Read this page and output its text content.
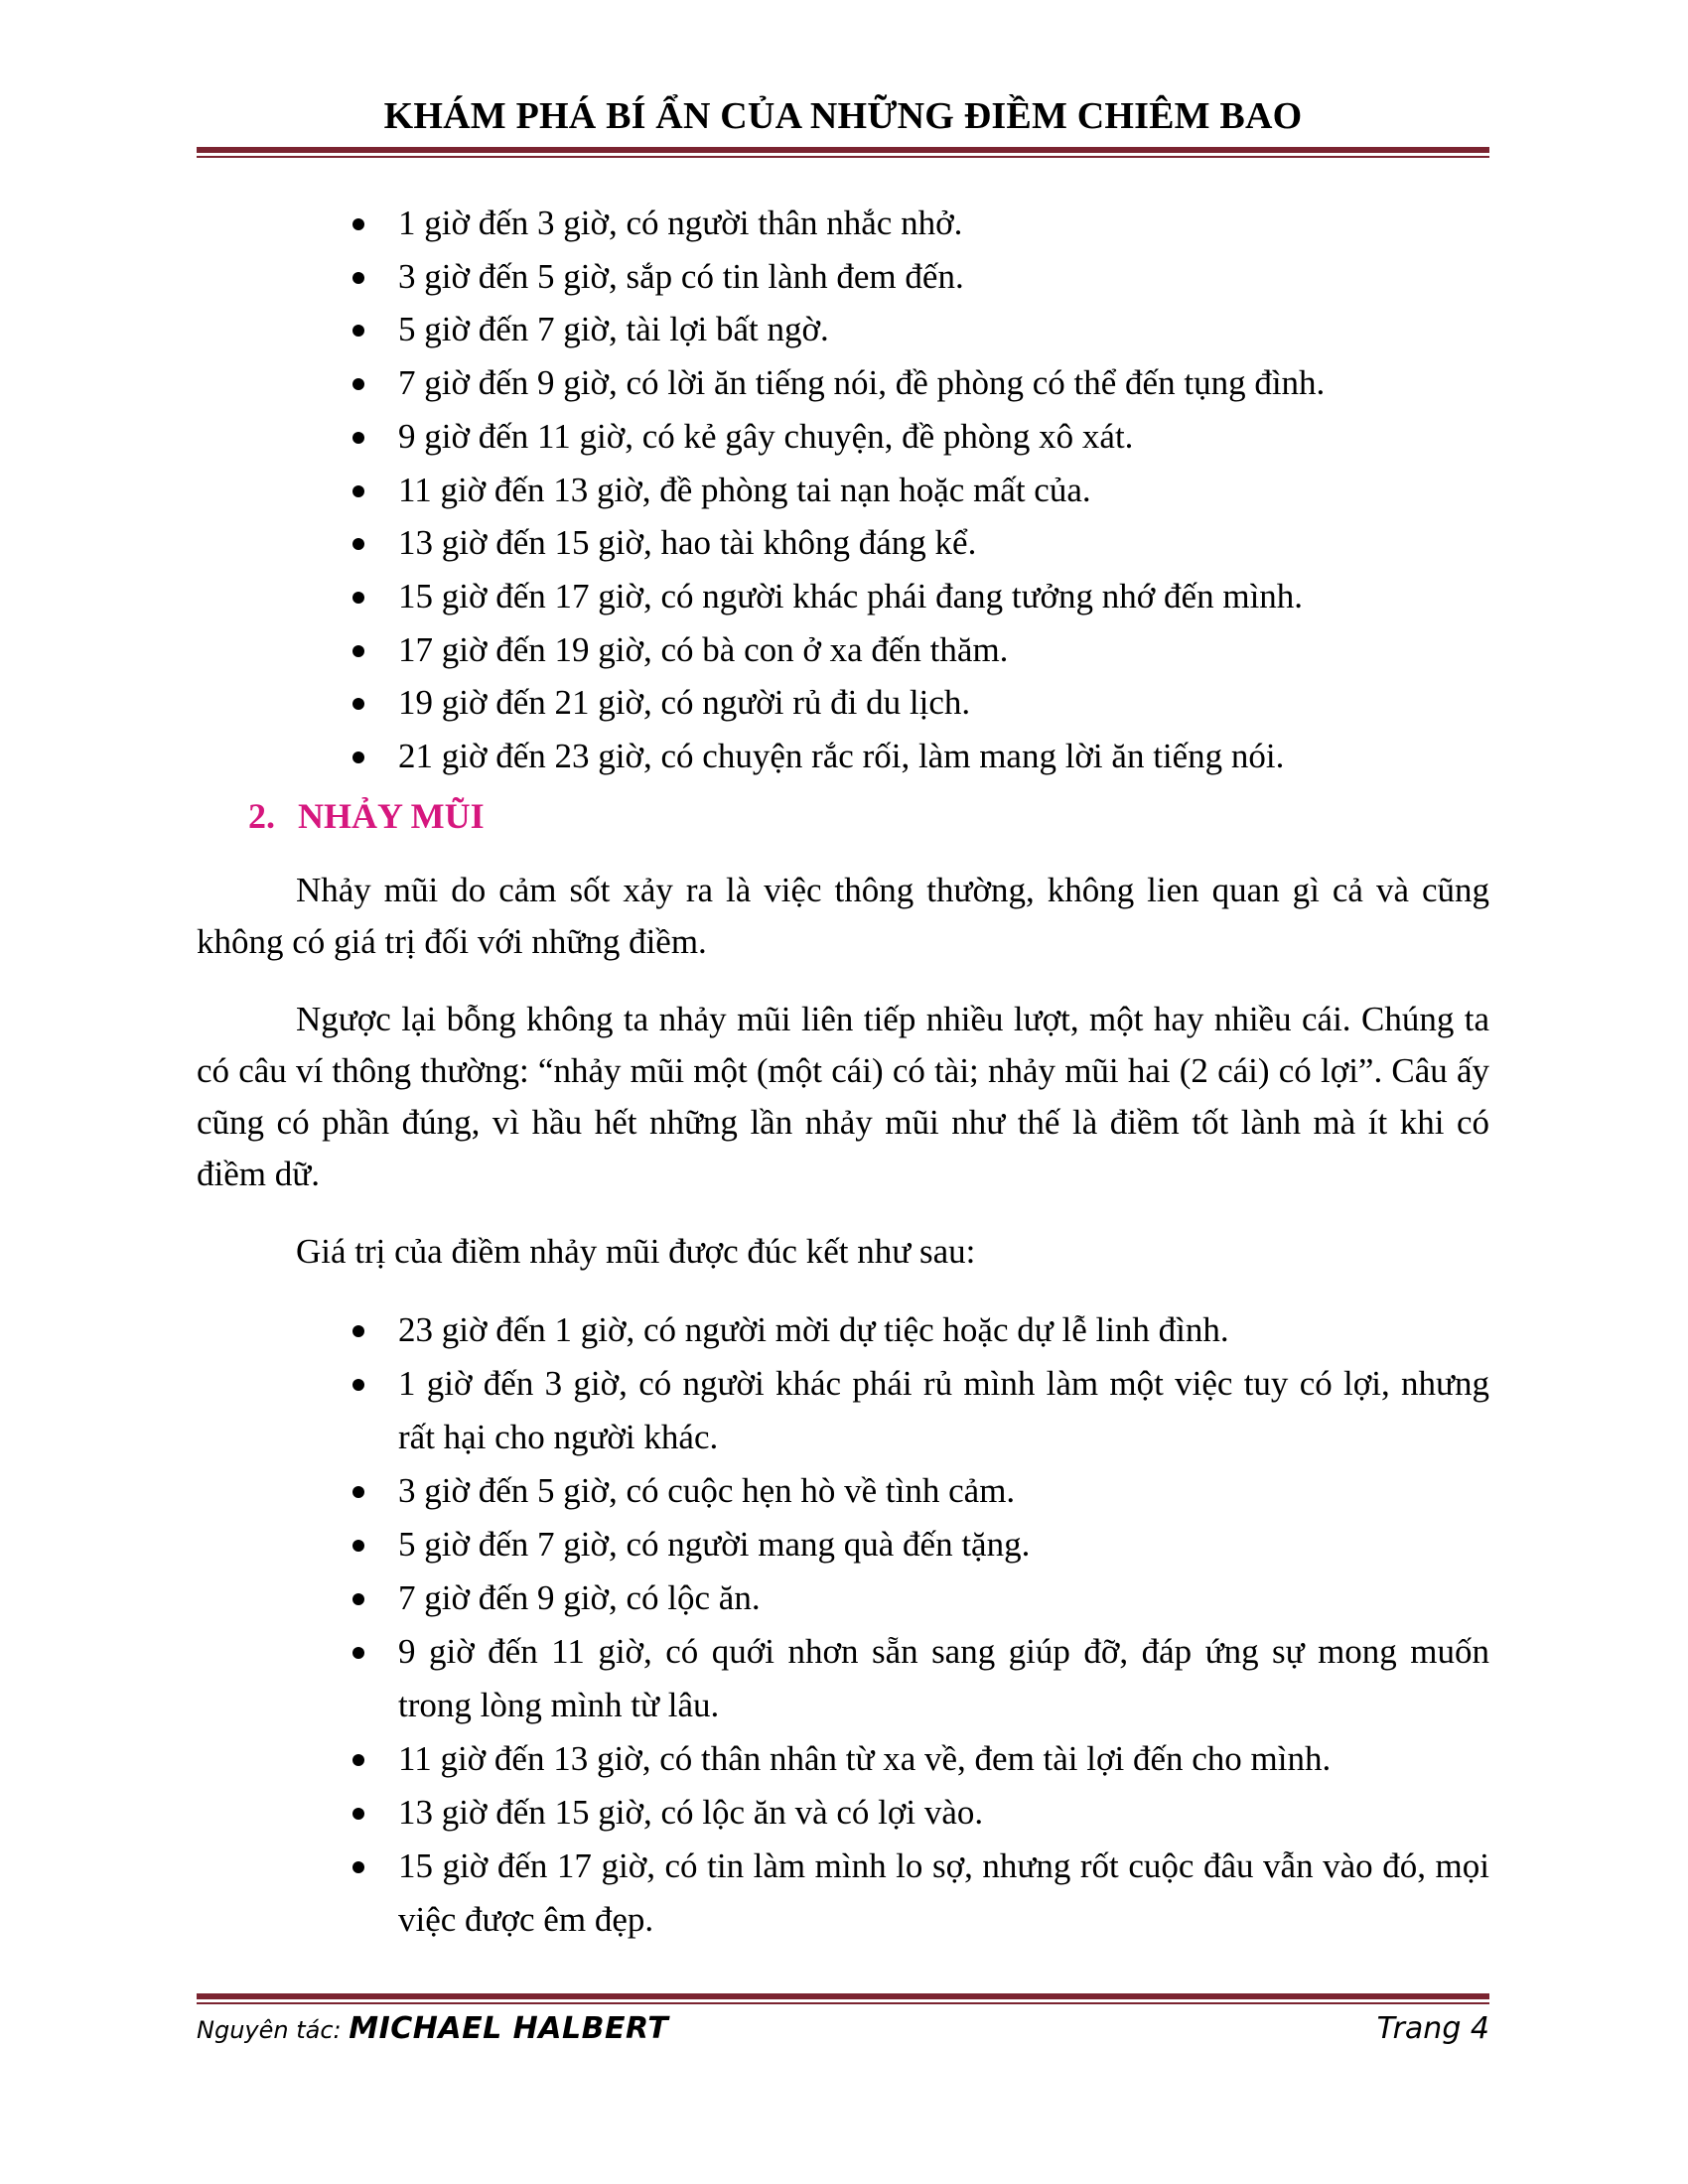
KHÁM PHÁ BÍ ẨN CỦA NHỮNG ĐIỀM CHIÊM BAO
1 giờ đến 3 giờ, có người thân nhắc nhở.
3 giờ đến 5 giờ, sắp có tin lành đem đến.
5 giờ đến 7 giờ, tài lợi bất ngờ.
7 giờ đến 9 giờ, có lời ăn tiếng nói, đề phòng có thể đến tụng đình.
9 giờ đến 11 giờ, có kẻ gây chuyện, đề phòng xô xát.
11 giờ đến 13 giờ, đề phòng tai nạn hoặc mất của.
13 giờ đến 15 giờ, hao tài không đáng kể.
15 giờ đến 17 giờ, có người khác phái đang tưởng nhớ đến mình.
17 giờ đến 19 giờ, có bà con ở xa đến thăm.
19 giờ đến 21 giờ, có người rủ đi du lịch.
21 giờ đến 23 giờ, có chuyện rắc rối, làm mang lời ăn tiếng nói.
2. NHẢY MŨI

Nhảy mũi do cảm sốt xảy ra là việc thông thường, không lien quan gì cả và cũng không có giá trị đối với những điềm.

Ngược lại bỗng không ta nhảy mũi liên tiếp nhiều lượt, một hay nhiều cái. Chúng ta có câu ví thông thường: “nhảy mũi một (một cái) có tài; nhảy mũi hai (2 cái) có lợi”. Câu ấy cũng có phần đúng, vì hầu hết những lần nhảy mũi như thế là điềm tốt lành mà ít khi có điềm dữ.

Giá trị của điềm nhảy mũi được đúc kết như sau:

23 giờ đến 1 giờ, có người mời dự tiệc hoặc dự lễ linh đình.
1 giờ đến 3 giờ, có người khác phái rủ mình làm một việc tuy có lợi, nhưng rất hại cho người khác.
3 giờ đến 5 giờ, có cuộc hẹn hò về tình cảm.
5 giờ đến 7 giờ, có người mang quà đến tặng.
7 giờ đến 9 giờ, có lộc ăn.
9 giờ đến 11 giờ, có quới nhơn sẵn sang giúp đỡ, đáp ứng sự mong muốn trong lòng mình từ lâu.
11 giờ đến 13 giờ, có thân nhân từ xa về, đem tài lợi đến cho mình.
13 giờ đến 15 giờ, có lộc ăn và có lợi vào.
15 giờ đến 17 giờ, có tin làm mình lo sợ, nhưng rốt cuộc đâu vẫn vào đó, mọi việc được êm đẹp.
Nguyên tác: MICHAEL HALBERT	Trang 4
